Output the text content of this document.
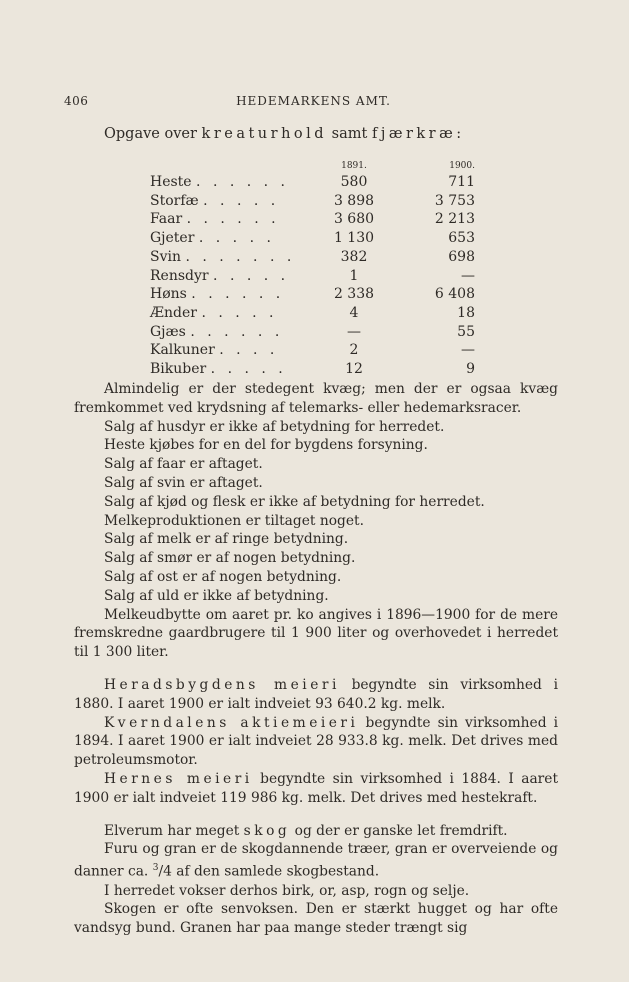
406	HEDEMARKENS AMT.
Opgave over kreaturhold samt fjærkræ:
	1891.	1900.
Heste . . . . . .	580	711
Storfæ . . . . .	3 898	3 753
Faar . . . . . .	3 680	2 213
Gjeter . . . . .	1 130	653
Svin . . . . . . .	382	698
Rensdyr . . . . .	1	—
Høns . . . . . .	2 338	6 408
Ænder . . . . .	4	18
Gjæs . . . . . .	—	55
Kalkuner . . . .	2	—
Bikuber . . . . .	12	9

Almindelig er der stedegent kvæg; men der er ogsaa kvæg fremkommet ved krydsning af telemarks- eller hedemarksracer.

Salg af husdyr er ikke af betydning for herredet.

Heste kjøbes for en del for bygdens forsyning.

Salg af faar er aftaget.

Salg af svin er aftaget.

Salg af kjød og flesk er ikke af betydning for herredet.

Melkeproduktionen er tiltaget noget.

Salg af melk er af ringe betydning.

Salg af smør er af nogen betydning.

Salg af ost er af nogen betydning.

Salg af uld er ikke af betydning.

Melkeudbytte om aaret pr. ko angives i 1896—1900 for de mere fremskredne gaardbrugere til 1 900 liter og overhovedet i herredet til 1 300 liter.

Heradsbygdens meieri begyndte sin virksomhed i 1880. I aaret 1900 er ialt indveiet 93 640.2 kg. melk.

Kverndalens aktiemeieri begyndte sin virksomhed i 1894. I aaret 1900 er ialt indveiet 28 933.8 kg. melk. Det drives med petroleumsmotor.

Hernes meieri begyndte sin virksomhed i 1884. I aaret 1900 er ialt indveiet 119 986 kg. melk. Det drives med hestekraft.

Elverum har meget skog og der er ganske let fremdrift.

Furu og gran er de skogdannende træer, gran er overveiende og danner ca. $^3$/4 af den samlede skogbestand.

I herredet vokser derhos birk, or, asp, rogn og selje.

Skogen er ofte senvoksen. Den er stærkt hugget og har ofte vandsyg bund. Granen har paa mange steder trængt sig
